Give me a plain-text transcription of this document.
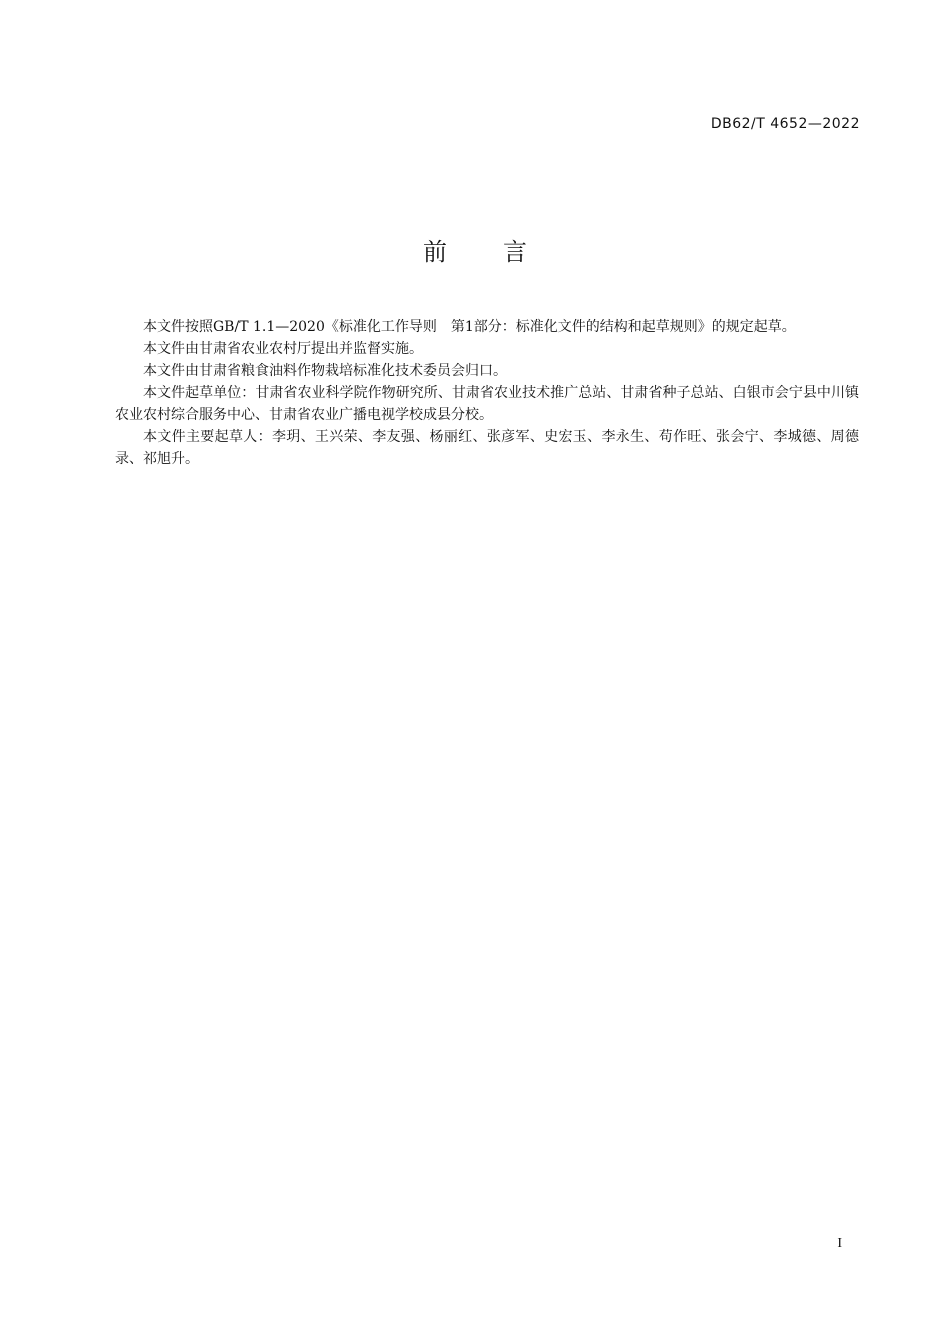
DB62/T 4652—2022
前言

本文件按照GB/T 1.1—2020《标准化工作导则　第1部分：标准化文件的结构和起草规则》的规定起草。

本文件由甘肃省农业农村厅提出并监督实施。

本文件由甘肃省粮食油料作物栽培标准化技术委员会归口。

本文件起草单位：甘肃省农业科学院作物研究所、甘肃省农业技术推广总站、甘肃省种子总站、白银市会宁县中川镇农业农村综合服务中心、甘肃省农业广播电视学校成县分校。

本文件主要起草人：李玥、王兴荣、李友强、杨丽红、张彦军、史宏玉、李永生、苟作旺、张会宁、李城德、周德录、祁旭升。

I
